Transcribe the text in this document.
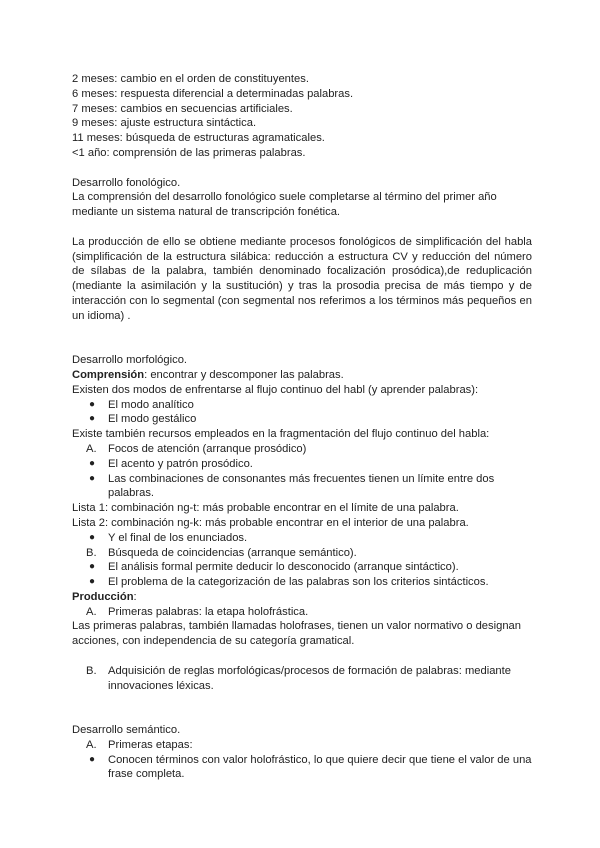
2 meses: cambio en el orden de constituyentes.

6 meses: respuesta diferencial a determinadas palabras.

7 meses: cambios en secuencias artificiales.

9 meses: ajuste estructura sintáctica.

11 meses: búsqueda de estructuras agramaticales.

<1 año: comprensión de las primeras palabras.

Desarrollo fonológico.

La comprensión del desarrollo fonológico suele completarse al término del primer año mediante un sistema natural de transcripción fonética.

La producción de ello se obtiene mediante procesos fonológicos de simplificación del habla (simplificación de la estructura silábica: reducción a estructura CV y reducción del número de sílabas de la palabra, también denominado focalización prosódica),de reduplicación (mediante la asimilación y la sustitución) y tras la prosodia precisa de más tiempo y de interacción con lo segmental (con segmental nos referimos a los términos más pequeños en un idioma) .

Desarrollo morfológico.

Comprensión: encontrar y descomponer las palabras.

Existen dos modos de enfrentarse al flujo continuo del habl (y aprender palabras):

● El modo analítico
● El modo gestálico

Existe también recursos empleados en la fragmentación del flujo continuo del habla:

A. Focos de atención (arranque prosódico)
● El acento y patrón prosódico.
● Las combinaciones de consonantes más frecuentes tienen un límite entre dos palabras.

Lista 1: combinación ng-t: más probable encontrar en el límite de una palabra.

Lista 2: combinación ng-k: más probable encontrar en el interior de una palabra.

● Y el final de los enunciados.
B. Búsqueda de coincidencias (arranque semántico).
● El análisis formal permite deducir lo desconocido (arranque sintáctico).
● El problema de la categorización de las palabras son los criterios sintácticos.

Producción:

A. Primeras palabras: la etapa holofrástica.

Las primeras palabras, también llamadas holofrases, tienen un valor normativo o designan acciones, con independencia de su categoría gramatical.

B. Adquisición de reglas morfológicas/procesos de formación de palabras: mediante innovaciones léxicas.

Desarrollo semántico.

A. Primeras etapas:
● Conocen términos con valor holofrástico, lo que quiere decir que tiene el valor de una frase completa.
